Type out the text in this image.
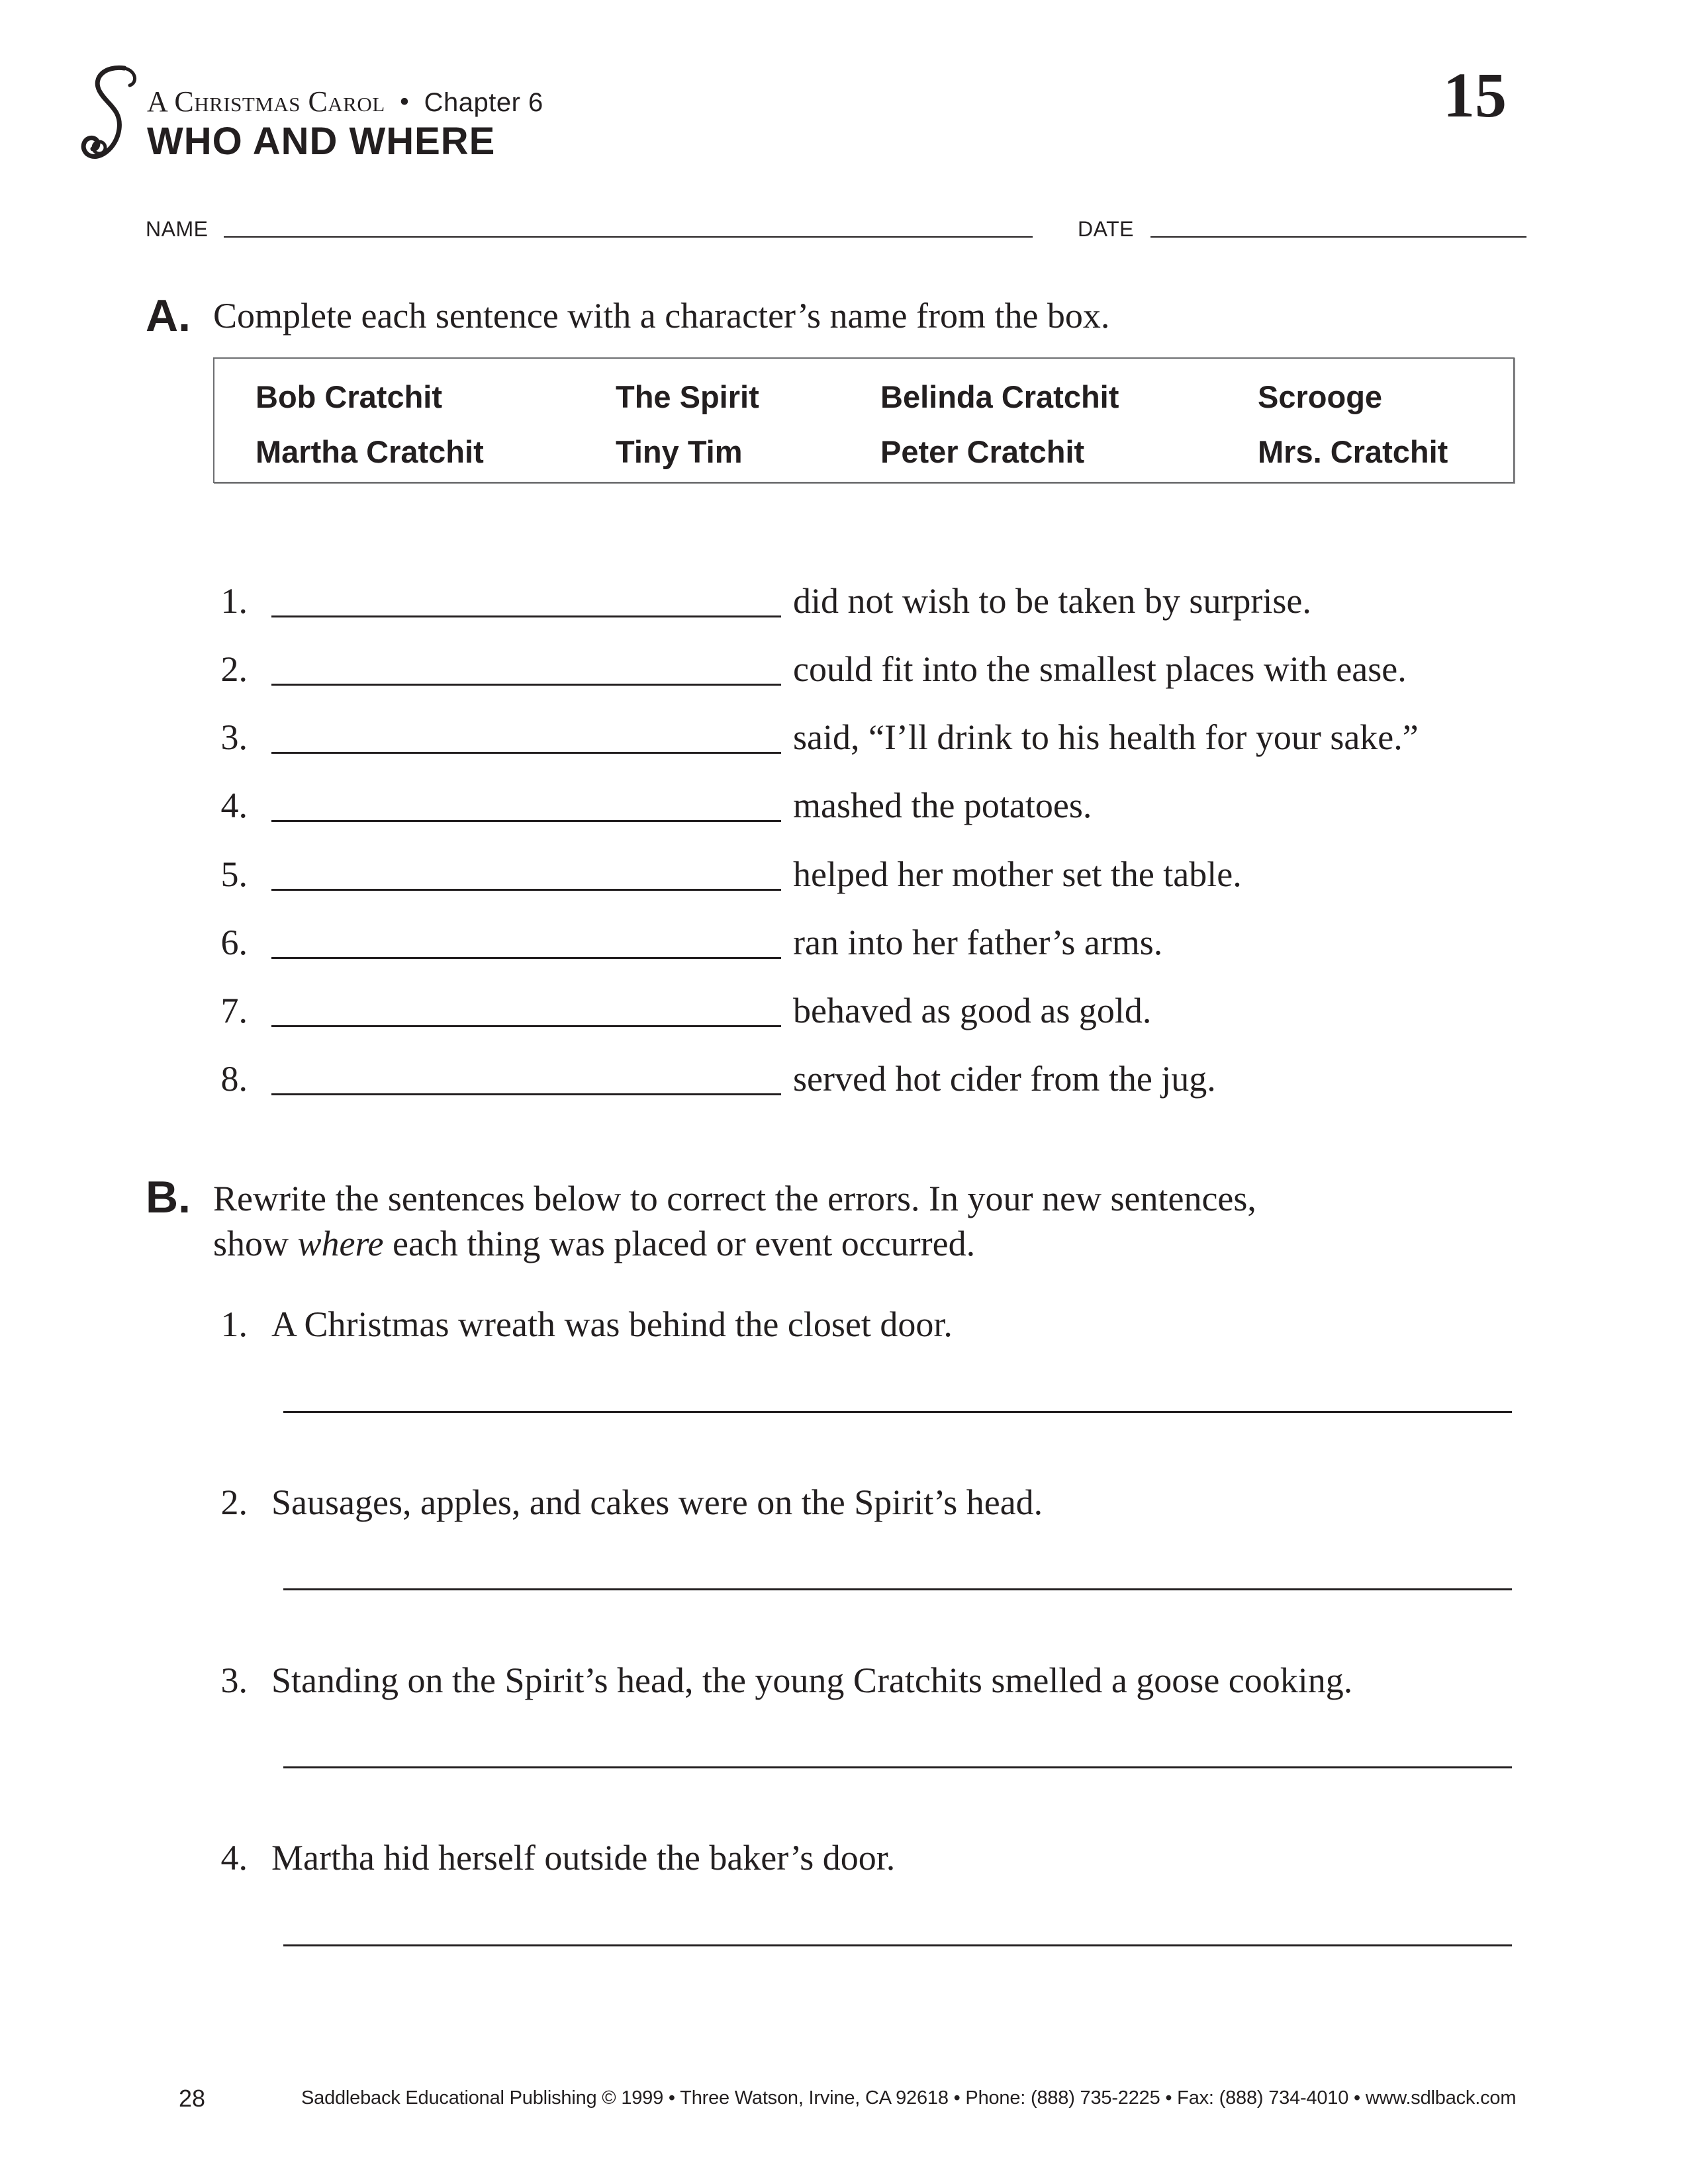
A Christmas Carol • Chapter 6
WHO AND WHERE
15
NAME	DATE
A. Complete each sentence with a character’s name from the box.
Bob Cratchit	The Spirit	Belinda Cratchit	Scrooge
Martha Cratchit	Tiny Tim	Peter Cratchit	Mrs. Cratchit
1.	did not wish to be taken by surprise.
2.	could fit into the smallest places with ease.
3.	said, “I’ll drink to his health for your sake.”
4.	mashed the potatoes.
5.	helped her mother set the table.
6.	ran into her father’s arms.
7.	behaved as good as gold.
8.	served hot cider from the jug.
B. Rewrite the sentences below to correct the errors. In your new sentences,
show where each thing was placed or event occurred.
1. A Christmas wreath was behind the closet door.
2. Sausages, apples, and cakes were on the Spirit’s head.
3. Standing on the Spirit’s head, the young Cratchits smelled a goose cooking.
4. Martha hid herself outside the baker’s door.
28	Saddleback Educational Publishing © 1999 • Three Watson, Irvine, CA 92618 • Phone: (888) 735-2225 • Fax: (888) 734-4010 • www.sdlback.com
